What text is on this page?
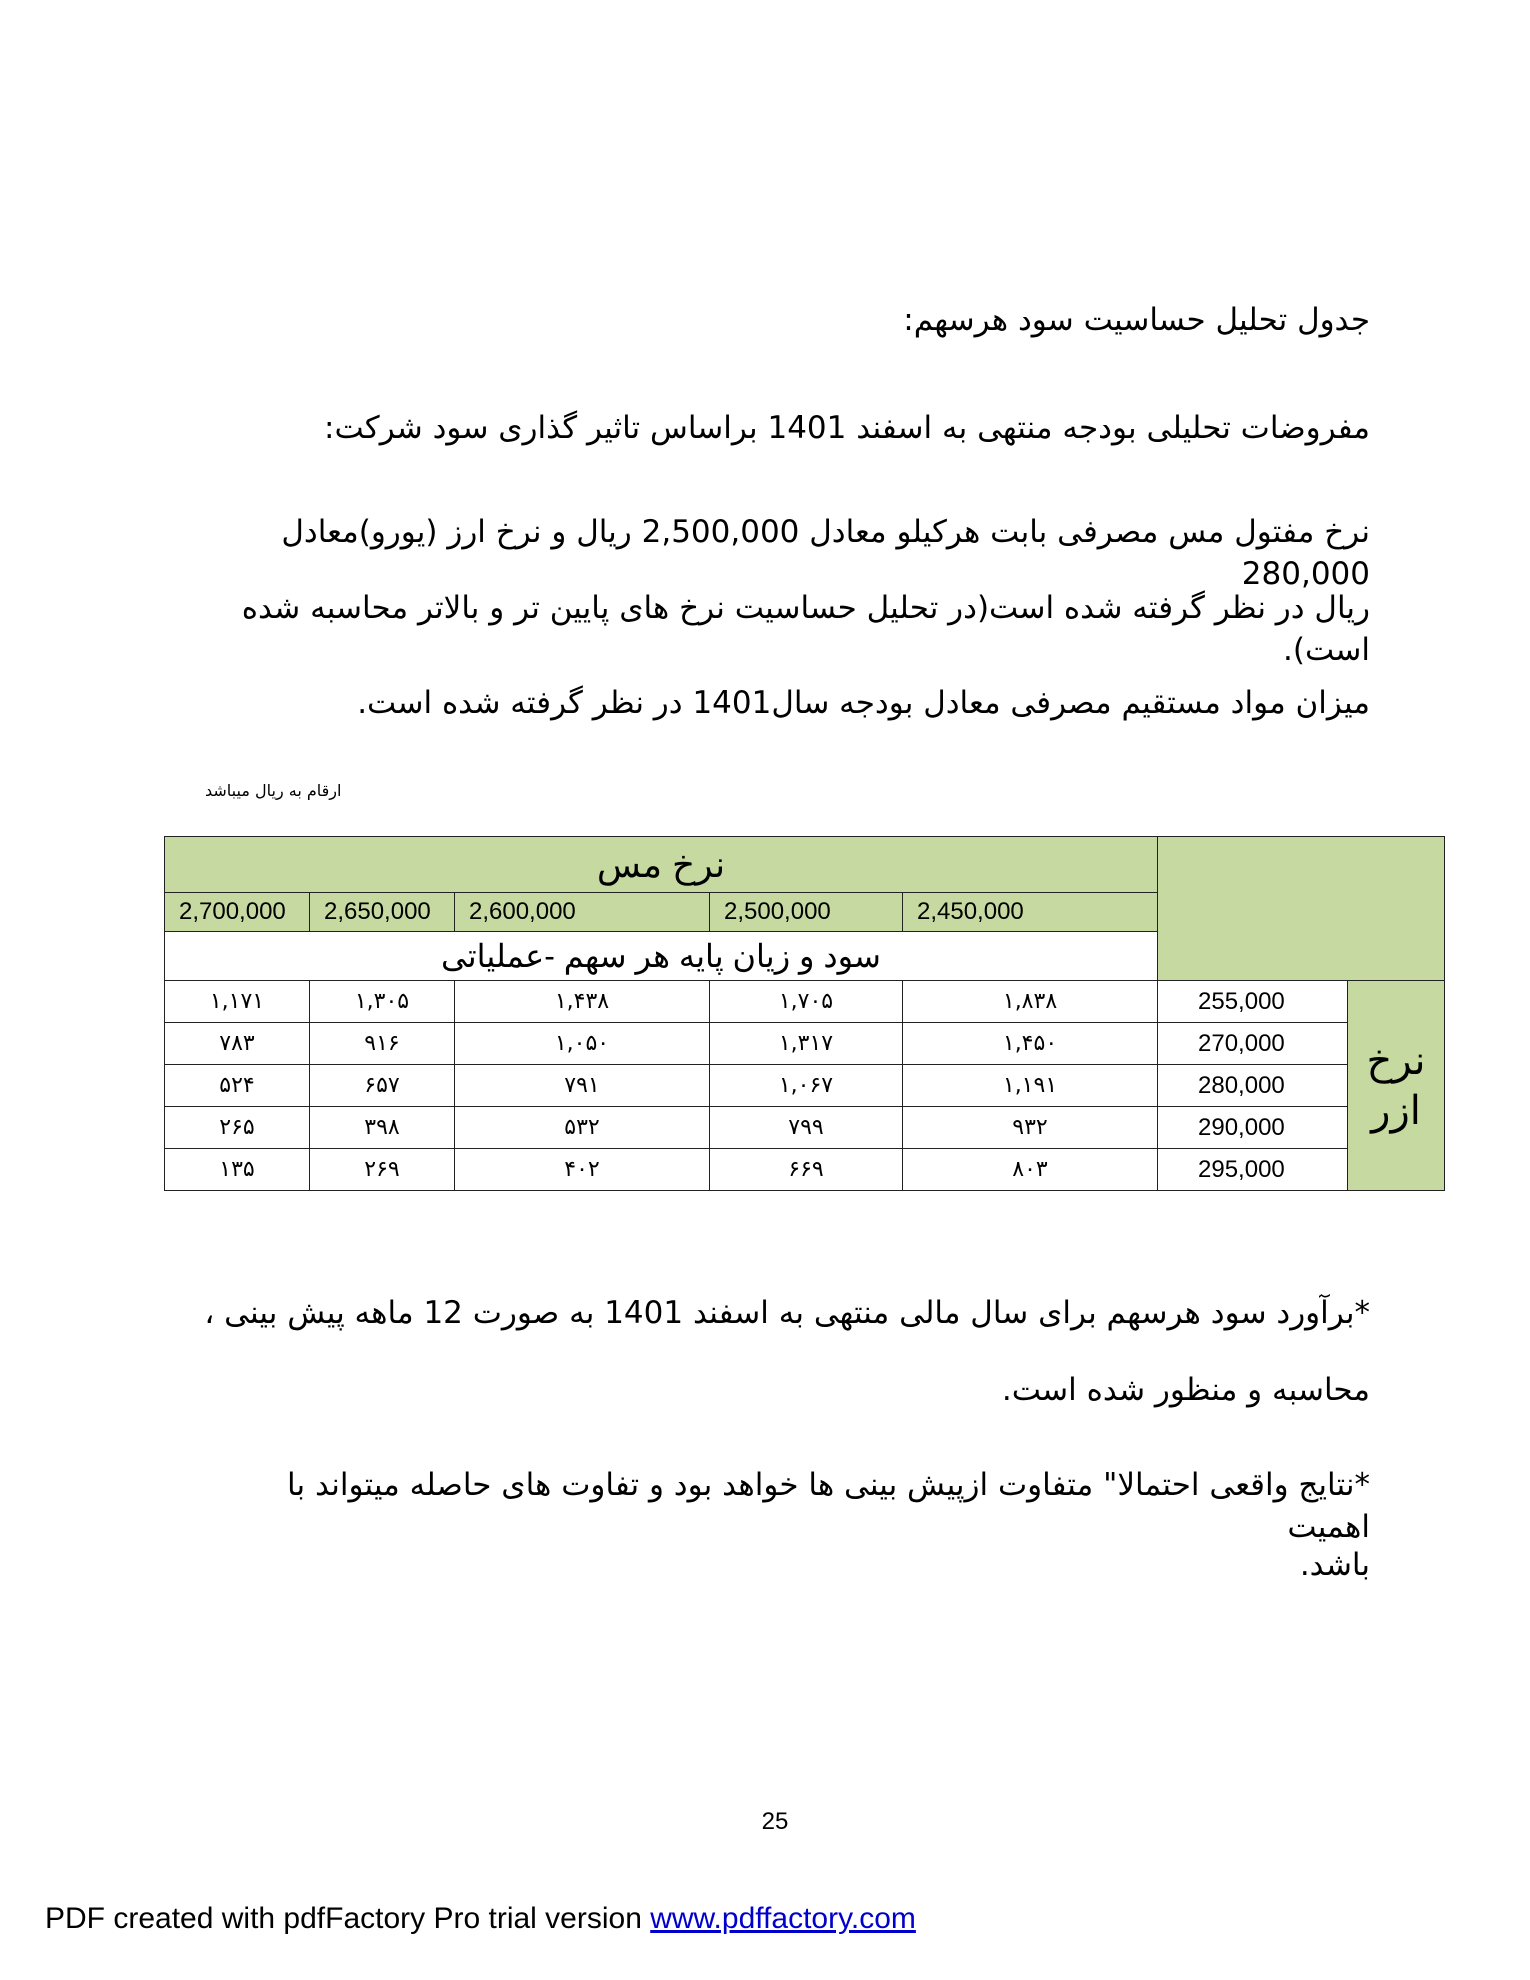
جدول تحلیل حساسیت سود هرسهم:
مفروضات تحلیلی بودجه منتهی به اسفند 1401 براساس تاثیر گذاری سود شرکت:
نرخ مفتول مس مصرفی بابت هرکیلو معادل 2,500,000 ریال و نرخ ارز (یورو)معادل 280,000
ریال در نظر گرفته شده است(در تحلیل حساسیت نرخ های پایین تر و بالاتر محاسبه شده است).
میزان مواد مستقیم مصرفی معادل بودجه سال1401 در نظر گرفته شده است.
ارقام به ریال میباشد
نرخ مس						
2,700,000	2,650,000	2,600,000	2,500,000	2,450,000		
سود و زیان پایه هر سهم -عملیاتی						
۱,۱۷۱	۱,۳۰۵	۱,۴۳۸	۱,۷۰۵	۱,۸۳۸	255,000	نرخ
ازر

۷۸۳	۹۱۶	۱,۰۵۰	۱,۳۱۷	۱,۴۵۰	270,000	
۵۲۴	۶۵۷	۷۹۱	۱,۰۶۷	۱,۱۹۱	280,000	
۲۶۵	۳۹۸	۵۳۲	۷۹۹	۹۳۲	290,000	
۱۳۵	۲۶۹	۴۰۲	۶۶۹	۸۰۳	295,000	
*برآورد سود هرسهم برای سال مالی منتهی به اسفند 1401 به صورت 12 ماهه پیش بینی ،
محاسبه و منظور شده است.
*نتایج واقعی احتمالا" متفاوت ازپیش بینی ها خواهد بود و تفاوت های حاصله میتواند با اهمیت
باشد.
25
PDF created with pdfFactory Pro trial version www.pdffactory.com
